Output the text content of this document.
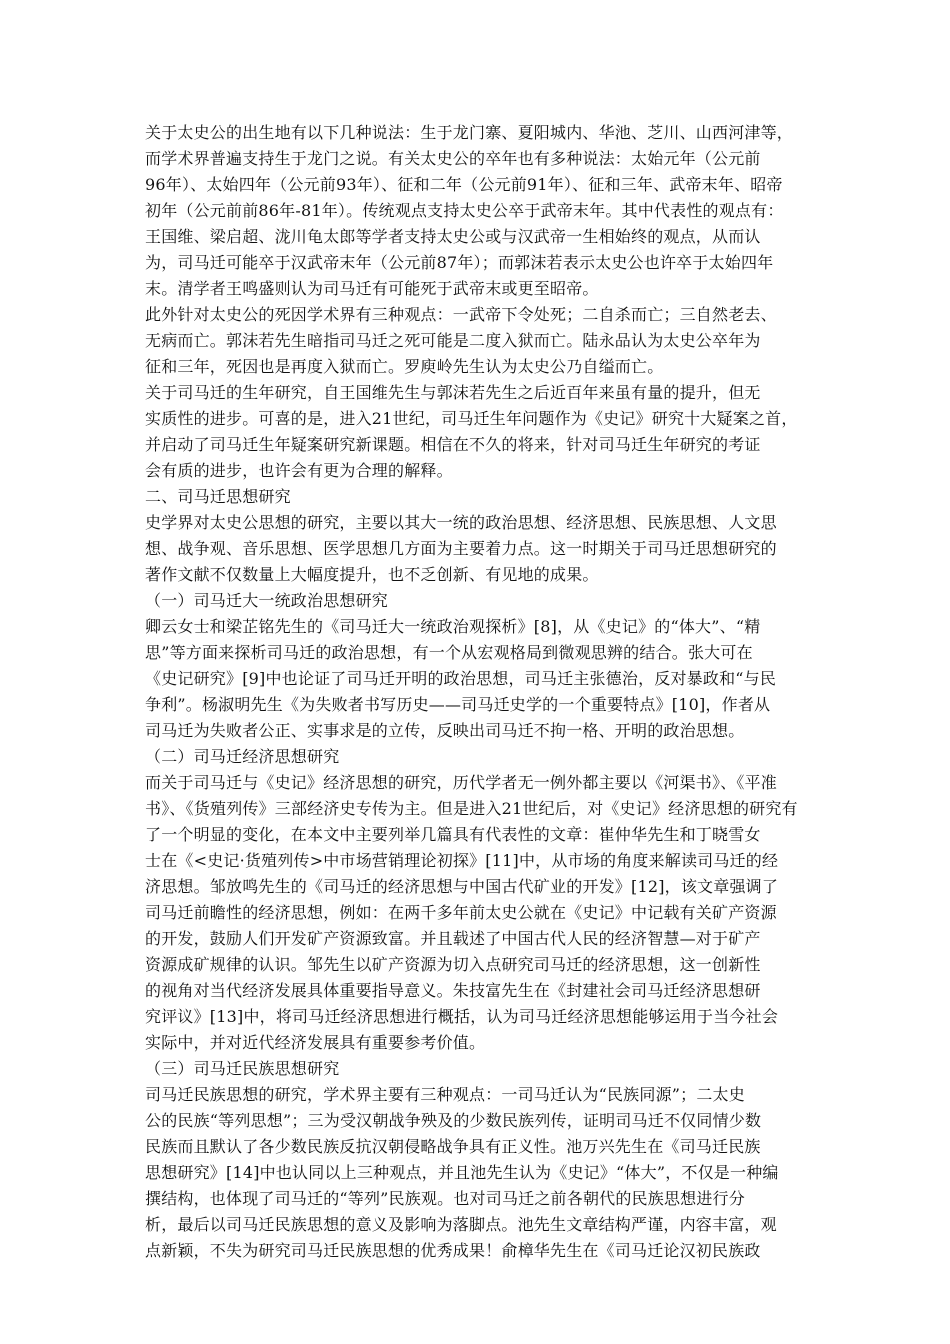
关于太史公的出生地有以下几种说法：生于龙门寨、夏阳城内、华池、芝川、山西河津等，
而学术界普遍支持生于龙门之说。有关太史公的卒年也有多种说法：太始元年（公元前
96年）、太始四年（公元前93年）、征和二年（公元前91年）、征和三年、武帝末年、昭帝
初年（公元前前86年-81年）。传统观点支持太史公卒于武帝末年。其中代表性的观点有：
王国维、梁启超、泷川龟太郎等学者支持太史公或与汉武帝一生相始终的观点，从而认
为，司马迁可能卒于汉武帝末年（公元前87年）；而郭沫若表示太史公也许卒于太始四年
末。清学者王鸣盛则认为司马迁有可能死于武帝末或更至昭帝。
此外针对太史公的死因学术界有三种观点：一武帝下令处死；二自杀而亡；三自然老去、
无病而亡。郭沫若先生暗指司马迁之死可能是二度入狱而亡。陆永品认为太史公卒年为
征和三年，死因也是再度入狱而亡。罗庾岭先生认为太史公乃自缢而亡。
关于司马迁的生年研究，自王国维先生与郭沫若先生之后近百年来虽有量的提升，但无
实质性的进步。可喜的是，进入21世纪，司马迁生年问题作为《史记》研究十大疑案之首，
并启动了司马迁生年疑案研究新课题。相信在不久的将来，针对司马迁生年研究的考证
会有质的进步，也许会有更为合理的解释。
二、司马迁思想研究
史学界对太史公思想的研究，主要以其大一统的政治思想、经济思想、民族思想、人文思
想、战争观、音乐思想、医学思想几方面为主要着力点。这一时期关于司马迁思想研究的
著作文献不仅数量上大幅度提升，也不乏创新、有见地的成果。
（一）司马迁大一统政治思想研究
卿云女士和梁芷铭先生的《司马迁大一统政治观探析》[8]，从《史记》的“体大”、“精
思”等方面来探析司马迁的政治思想，有一个从宏观格局到微观思辨的结合。张大可在
《史记研究》[9]中也论证了司马迁开明的政治思想，司马迁主张德治，反对暴政和“与民
争利”。杨淑明先生《为失败者书写历史——司马迁史学的一个重要特点》[10]，作者从
司马迁为失败者公正、实事求是的立传，反映出司马迁不拘一格、开明的政治思想。
（二）司马迁经济思想研究
而关于司马迁与《史记》经济思想的研究，历代学者无一例外都主要以《河渠书》、《平准
书》、《货殖列传》三部经济史专传为主。但是进入21世纪后，对《史记》经济思想的研究有
了一个明显的变化，在本文中主要列举几篇具有代表性的文章：崔仲华先生和丁晓雪女
士在《<史记·货殖列传>中市场营销理论初探》[11]中，从市场的角度来解读司马迁的经
济思想。邹放鸣先生的《司马迁的经济思想与中国古代矿业的开发》[12]，该文章强调了
司马迁前瞻性的经济思想，例如：在两千多年前太史公就在《史记》中记载有关矿产资源
的开发，鼓励人们开发矿产资源致富。并且载述了中国古代人民的经济智慧—对于矿产
资源成矿规律的认识。邹先生以矿产资源为切入点研究司马迁的经济思想，这一创新性
的视角对当代经济发展具体重要指导意义。朱技富先生在《封建社会司马迁经济思想研
究评议》[13]中，将司马迁经济思想进行概括，认为司马迁经济思想能够运用于当今社会
实际中，并对近代经济发展具有重要参考价值。
（三）司马迁民族思想研究
司马迁民族思想的研究，学术界主要有三种观点：一司马迁认为“民族同源”；二太史
公的民族“等列思想”；三为受汉朝战争殃及的少数民族列传，证明司马迁不仅同情少数
民族而且默认了各少数民族反抗汉朝侵略战争具有正义性。池万兴先生在《司马迁民族
思想研究》[14]中也认同以上三种观点，并且池先生认为《史记》“体大”，不仅是一种编
撰结构，也体现了司马迁的“等列”民族观。也对司马迁之前各朝代的民族思想进行分
析，最后以司马迁民族思想的意义及影响为落脚点。池先生文章结构严谨，内容丰富，观
点新颖，不失为研究司马迁民族思想的优秀成果！俞樟华先生在《司马迁论汉初民族政
